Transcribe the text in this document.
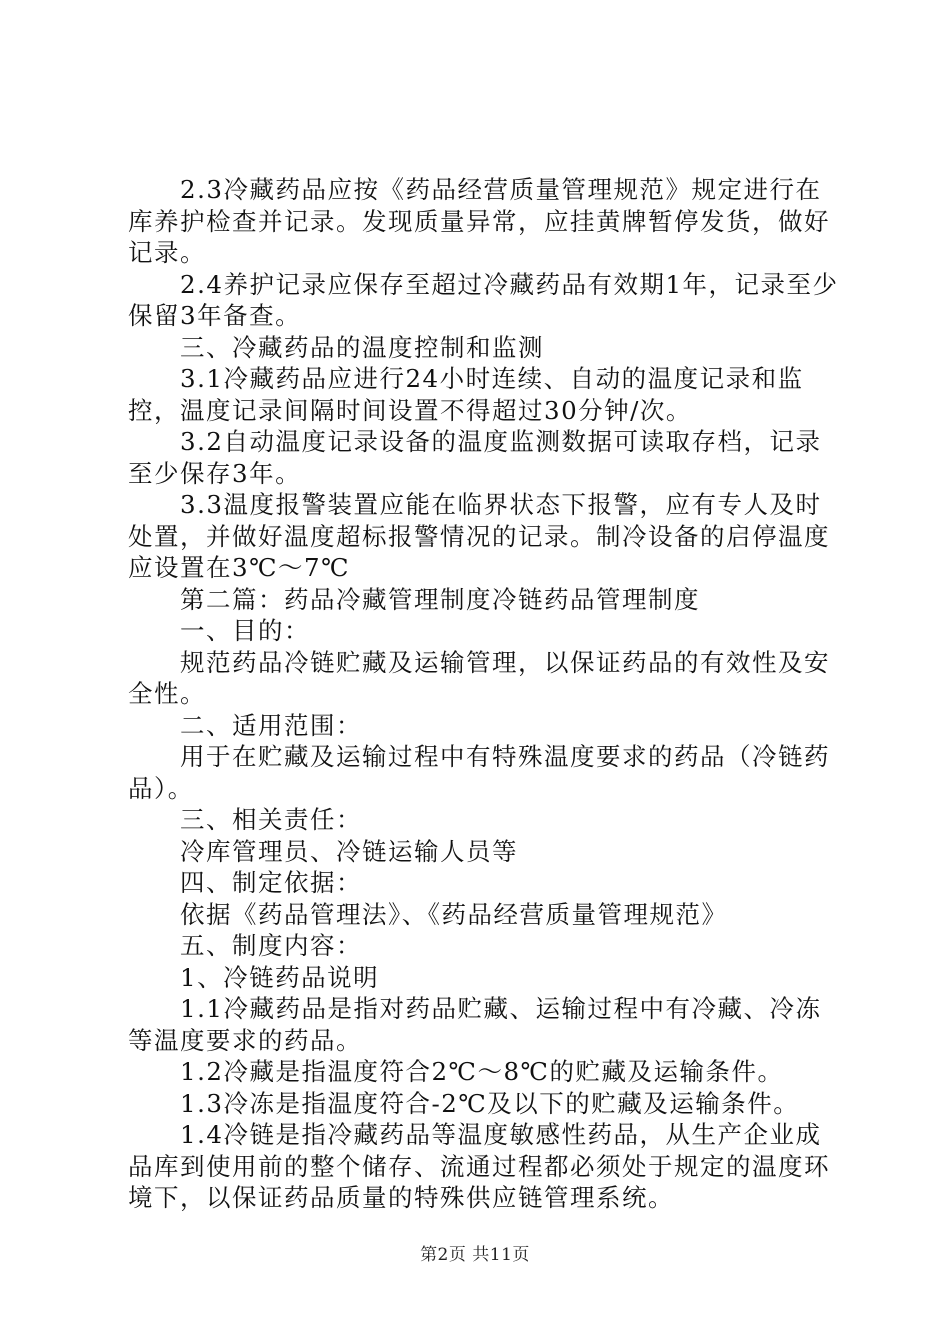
2.3冷藏药品应按《药品经营质量管理规范》规定进行在库养护检查并记录。发现质量异常，应挂黄牌暂停发货，做好记录。

2.4养护记录应保存至超过冷藏药品有效期1年，记录至少保留3年备查。

三、冷藏药品的温度控制和监测

3.1冷藏药品应进行24小时连续、自动的温度记录和监控，温度记录间隔时间设置不得超过30分钟/次。

3.2自动温度记录设备的温度监测数据可读取存档，记录至少保存3年。

3.3温度报警装置应能在临界状态下报警，应有专人及时处置，并做好温度超标报警情况的记录。制冷设备的启停温度应设置在3℃～7℃

第二篇：药品冷藏管理制度冷链药品管理制度

一、目的：

规范药品冷链贮藏及运输管理，以保证药品的有效性及安全性。

二、适用范围：

用于在贮藏及运输过程中有特殊温度要求的药品（冷链药品）。

三、相关责任：

冷库管理员、冷链运输人员等

四、制定依据：

依据《药品管理法》、《药品经营质量管理规范》

五、制度内容：

1、冷链药品说明

1.1冷藏药品是指对药品贮藏、运输过程中有冷藏、冷冻等温度要求的药品。

1.2冷藏是指温度符合2℃～8℃的贮藏及运输条件。

1.3冷冻是指温度符合-2℃及以下的贮藏及运输条件。

1.4冷链是指冷藏药品等温度敏感性药品，从生产企业成品库到使用前的整个储存、流通过程都必须处于规定的温度环境下，以保证药品质量的特殊供应链管理系统。

第2页 共11页
